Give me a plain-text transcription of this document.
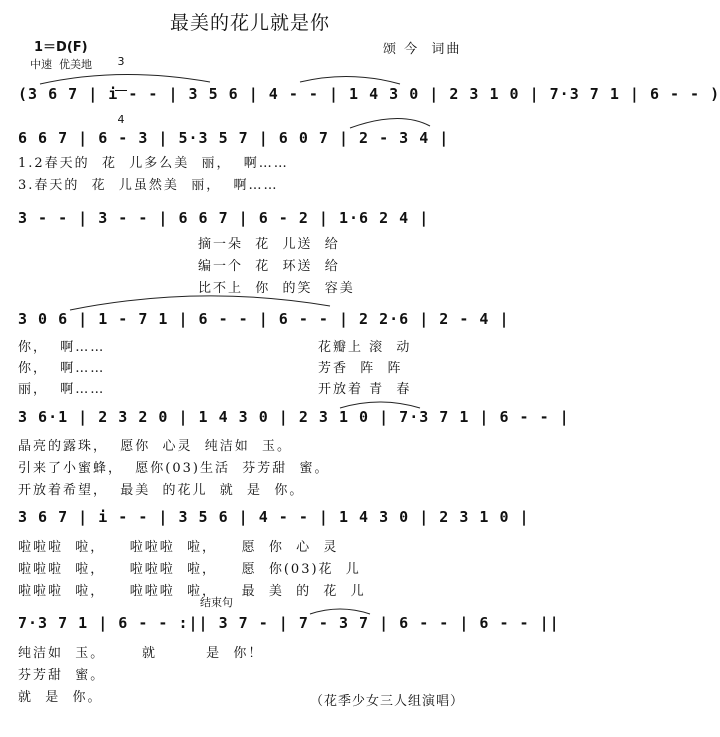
最美的花儿就是你
1＝D(F)

3

4

颂 今  词曲
中速  优美地
(3 6 7 | i - - | 3 5 6 | 4 - - | 1 4 3 0 | 2 3 1 0 | 7·3 7 1 | 6 - - )
6 6 7 | 6 - 3 | 5·3 5 7 | 6 0 7 | 2 - 3 4 |
1.2春天的  花  儿多么美  丽，  啊……
3.春天的  花  儿虽然美  丽，  啊……
3 - - | 3 - - | 6 6 7 | 6 - 2 | 1·6 2 4 |
摘一朵  花  儿送  给
编一个  花  环送  给
比不上  你  的笑  容美
3 0 6 | 1 - 7 1 | 6 - - | 6 - - | 2 2·6 | 2 - 4 |
你，  啊……
你，  啊……
丽，  啊……
花瓣上 滚  动
芳香  阵  阵
开放着 青  春
3 6·1 | 2 3 2 0 | 1 4 3 0 | 2 3 1 0 | 7·3 7 1 | 6 - - |
晶亮的露珠，  愿你  心灵  纯洁如  玉。
引来了小蜜蜂，  愿你(03)生活  芬芳甜  蜜。
开放着希望，  最美  的花儿  就  是  你。
3 6 7 | i - - | 3 5 6 | 4 - - | 1 4 3 0 | 2 3 1 0 |
啦啦啦  啦，    啦啦啦  啦，    愿  你  心  灵
啦啦啦  啦，    啦啦啦  啦，    愿  你(03)花  儿
啦啦啦  啦，    啦啦啦  啦，    最  美  的  花  儿
结束句
7·3 7 1 | 6 - - :|| 3 7 - | 7 - 3 7 | 6 - - | 6 - - ||
纯洁如  玉。      就        是  你！
芬芳甜  蜜。
就  是  你。	（花季少女三人组演唱）
